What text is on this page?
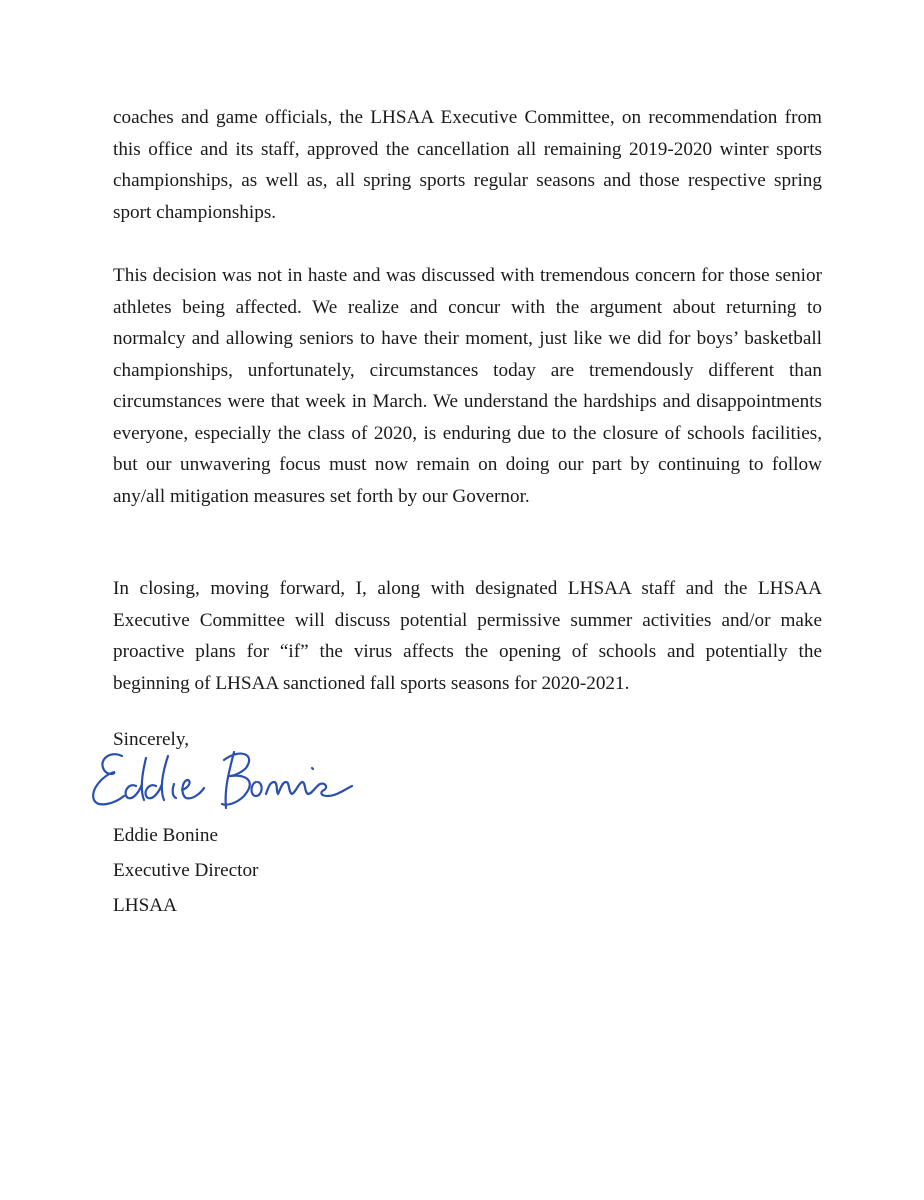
coaches and game officials, the LHSAA Executive Committee, on recommendation from this office and its staff, approved the cancellation all remaining 2019-2020 winter sports championships, as well as, all spring sports regular seasons and those respective spring sport championships.

This decision was not in haste and was discussed with tremendous concern for those senior athletes being affected. We realize and concur with the argument about returning to normalcy and allowing seniors to have their moment, just like we did for boys’ basketball championships, unfortunately, circumstances today are tremendously different than circumstances were that week in March. We understand the hardships and disappointments everyone, especially the class of 2020, is enduring due to the closure of schools facilities, but our unwavering focus must now remain on doing our part by continuing to follow any/all mitigation measures set forth by our Governor.

In closing, moving forward, I, along with designated LHSAA staff and the LHSAA Executive Committee will discuss potential permissive summer activities and/or make proactive plans for “if” the virus affects the opening of schools and potentially the beginning of LHSAA sanctioned fall sports seasons for 2020-2021.

Sincerely,

Eddie Bonine

Executive Director

LHSAA
